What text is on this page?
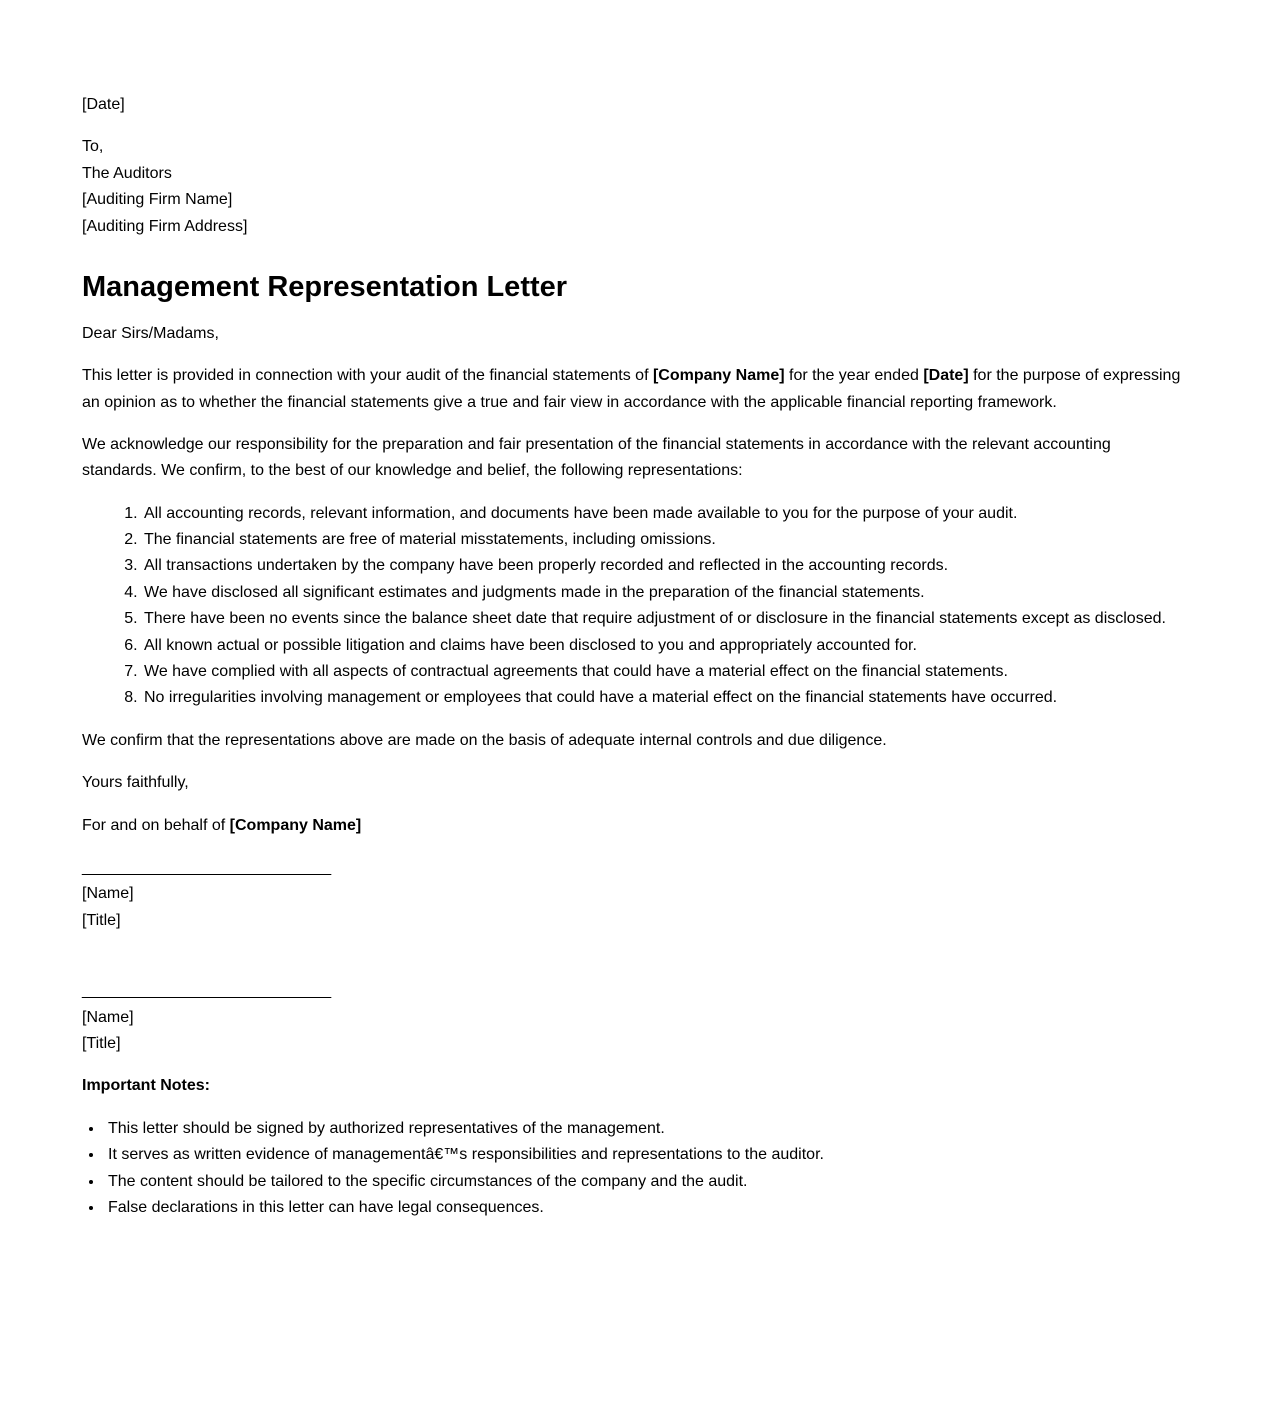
[Date]

To,
The Auditors
[Auditing Firm Name]
[Auditing Firm Address]
Management Representation Letter

Dear Sirs/Madams,

This letter is provided in connection with your audit of the financial statements of [Company Name] for the year ended [Date] for the purpose of expressing an opinion as to whether the financial statements give a true and fair view in accordance with the applicable financial reporting framework.

We acknowledge our responsibility for the preparation and fair presentation of the financial statements in accordance with the relevant accounting standards. We confirm, to the best of our knowledge and belief, the following representations:

1. All accounting records, relevant information, and documents have been made available to you for the purpose of your audit.
2. The financial statements are free of material misstatements, including omissions.
3. All transactions undertaken by the company have been properly recorded and reflected in the accounting records.
4. We have disclosed all significant estimates and judgments made in the preparation of the financial statements.
5. There have been no events since the balance sheet date that require adjustment of or disclosure in the financial statements except as disclosed.
6. All known actual or possible litigation and claims have been disclosed to you and appropriately accounted for.
7. We have complied with all aspects of contractual agreements that could have a material effect on the financial statements.
8. No irregularities involving management or employees that could have a material effect on the financial statements have occurred.

We confirm that the representations above are made on the basis of adequate internal controls and due diligence.

Yours faithfully,

For and on behalf of [Company Name]

____________________________
[Name]
[Title]
____________________________
[Name]
[Title]

Important Notes:

• This letter should be signed by authorized representatives of the management.
• It serves as written evidence of managementâ€™s responsibilities and representations to the auditor.
• The content should be tailored to the specific circumstances of the company and the audit.
• False declarations in this letter can have legal consequences.
